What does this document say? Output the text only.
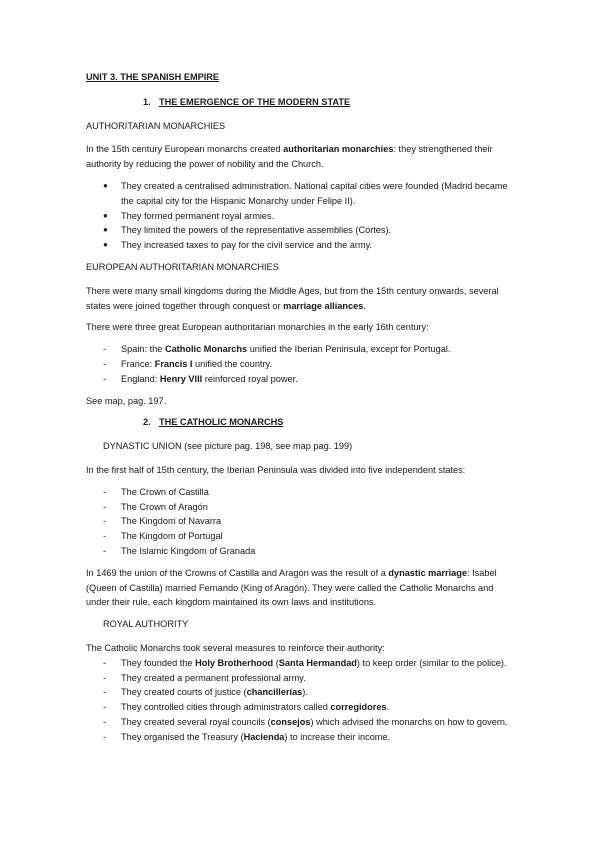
UNIT 3. THE SPANISH EMPIRE

1. THE EMERGENCE OF THE MODERN STATE

AUTHORITARIAN MONARCHIES

In the 15th century European monarchs created authoritarian monarchies: they strengthened their authority by reducing the power of nobility and the Church.

● They created a centralised administration. National capital cities were founded (Madrid became the capital city for the Hispanic Monarchy under Felipe II).
● They formed permanent royal armies.
● They limited the powers of the representative assemblies (Cortes).
● They increased taxes to pay for the civil service and the army.

EUROPEAN AUTHORITARIAN MONARCHIES

There were many small kingdoms during the Middle Ages, but from the 15th century onwards, several states were joined together through conquest or marriage alliances.

There were three great European authoritarian monarchies in the early 16th century:

- Spain: the Catholic Monarchs unified the Iberian Peninsula, except for Portugal.
- France: Francis I unified the country.
- England: Henry VIII reinforced royal power.

See map, pag. 197.

2. THE CATHOLIC MONARCHS

DYNASTIC UNION (see picture pag. 198, see map pag. 199)

In the first half of 15th century, the Iberian Peninsula was divided into five independent states:

- The Crown of Castilla
- The Crown of Aragón
- The Kingdom of Navarra
- The Kingdom of Portugal
- The Islamic Kingdom of Granada

In 1469 the union of the Crowns of Castilla and Aragón was the result of a dynastic marriage: Isabel (Queen of Castilla) married Fernando (King of Aragón). They were called the Catholic Monarchs and under their rule, each kingdom maintained its own laws and institutions.

ROYAL AUTHORITY

The Catholic Monarchs took several measures to reinforce their authority:

- They founded the Holy Brotherhood (Santa Hermandad) to keep order (similar to the police).
- They created a permanent professional army.
- They created courts of justice (chancillerías).
- They controlled cities through administrators called corregidores.
- They created several royal councils (consejos) which advised the monarchs on how to govern.
- They organised the Treasury (Hacienda) to increase their income.
